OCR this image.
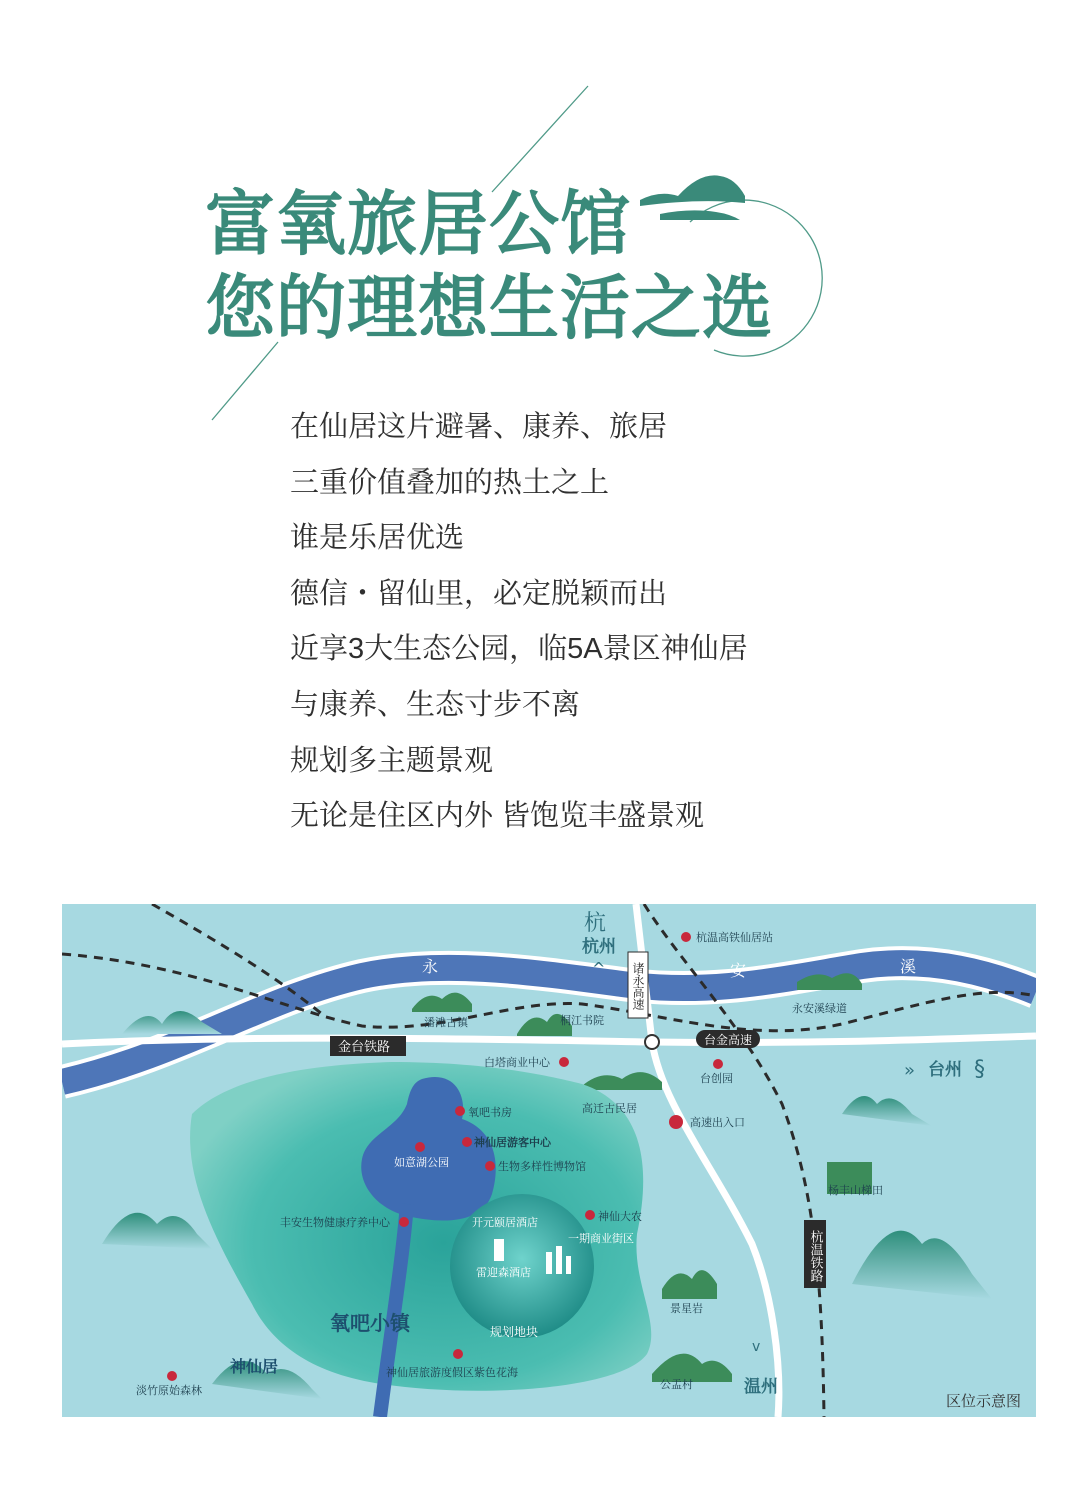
富氧旅居公馆
您的理想生活之选
在仙居这片避暑、康养、旅居
三重价值叠加的热土之上
谁是乐居优选
德信・留仙里，必定脱颖而出
近享3大生态公园，临5A景区神仙居
与康养、生态寸步不离
规划多主题景观
无论是住区内外 皆饱览丰盛景观
区位示意图
永	安	溪
金台铁路	台金高速
诸永高速
杭温铁路
杭
杭州
^
» 台州 §
v
温州
氧吧小镇
神仙居
规划地块
杭温高铁仙居站
潘滩古镇	桐江书院
永安溪绿道
白塔商业中心
台创园
高迁古民居
高速出入口
氧吧书房
如意湖公园
神仙居游客中心
生物多样性博物馆
丰安生物健康疗养中心	开元颐居酒店	神仙大农
一期商业街区
雷迎森酒店
景星岩
杨丰山梯田
神仙居旅游度假区紫色花海
淡竹原始森林	公盂村
